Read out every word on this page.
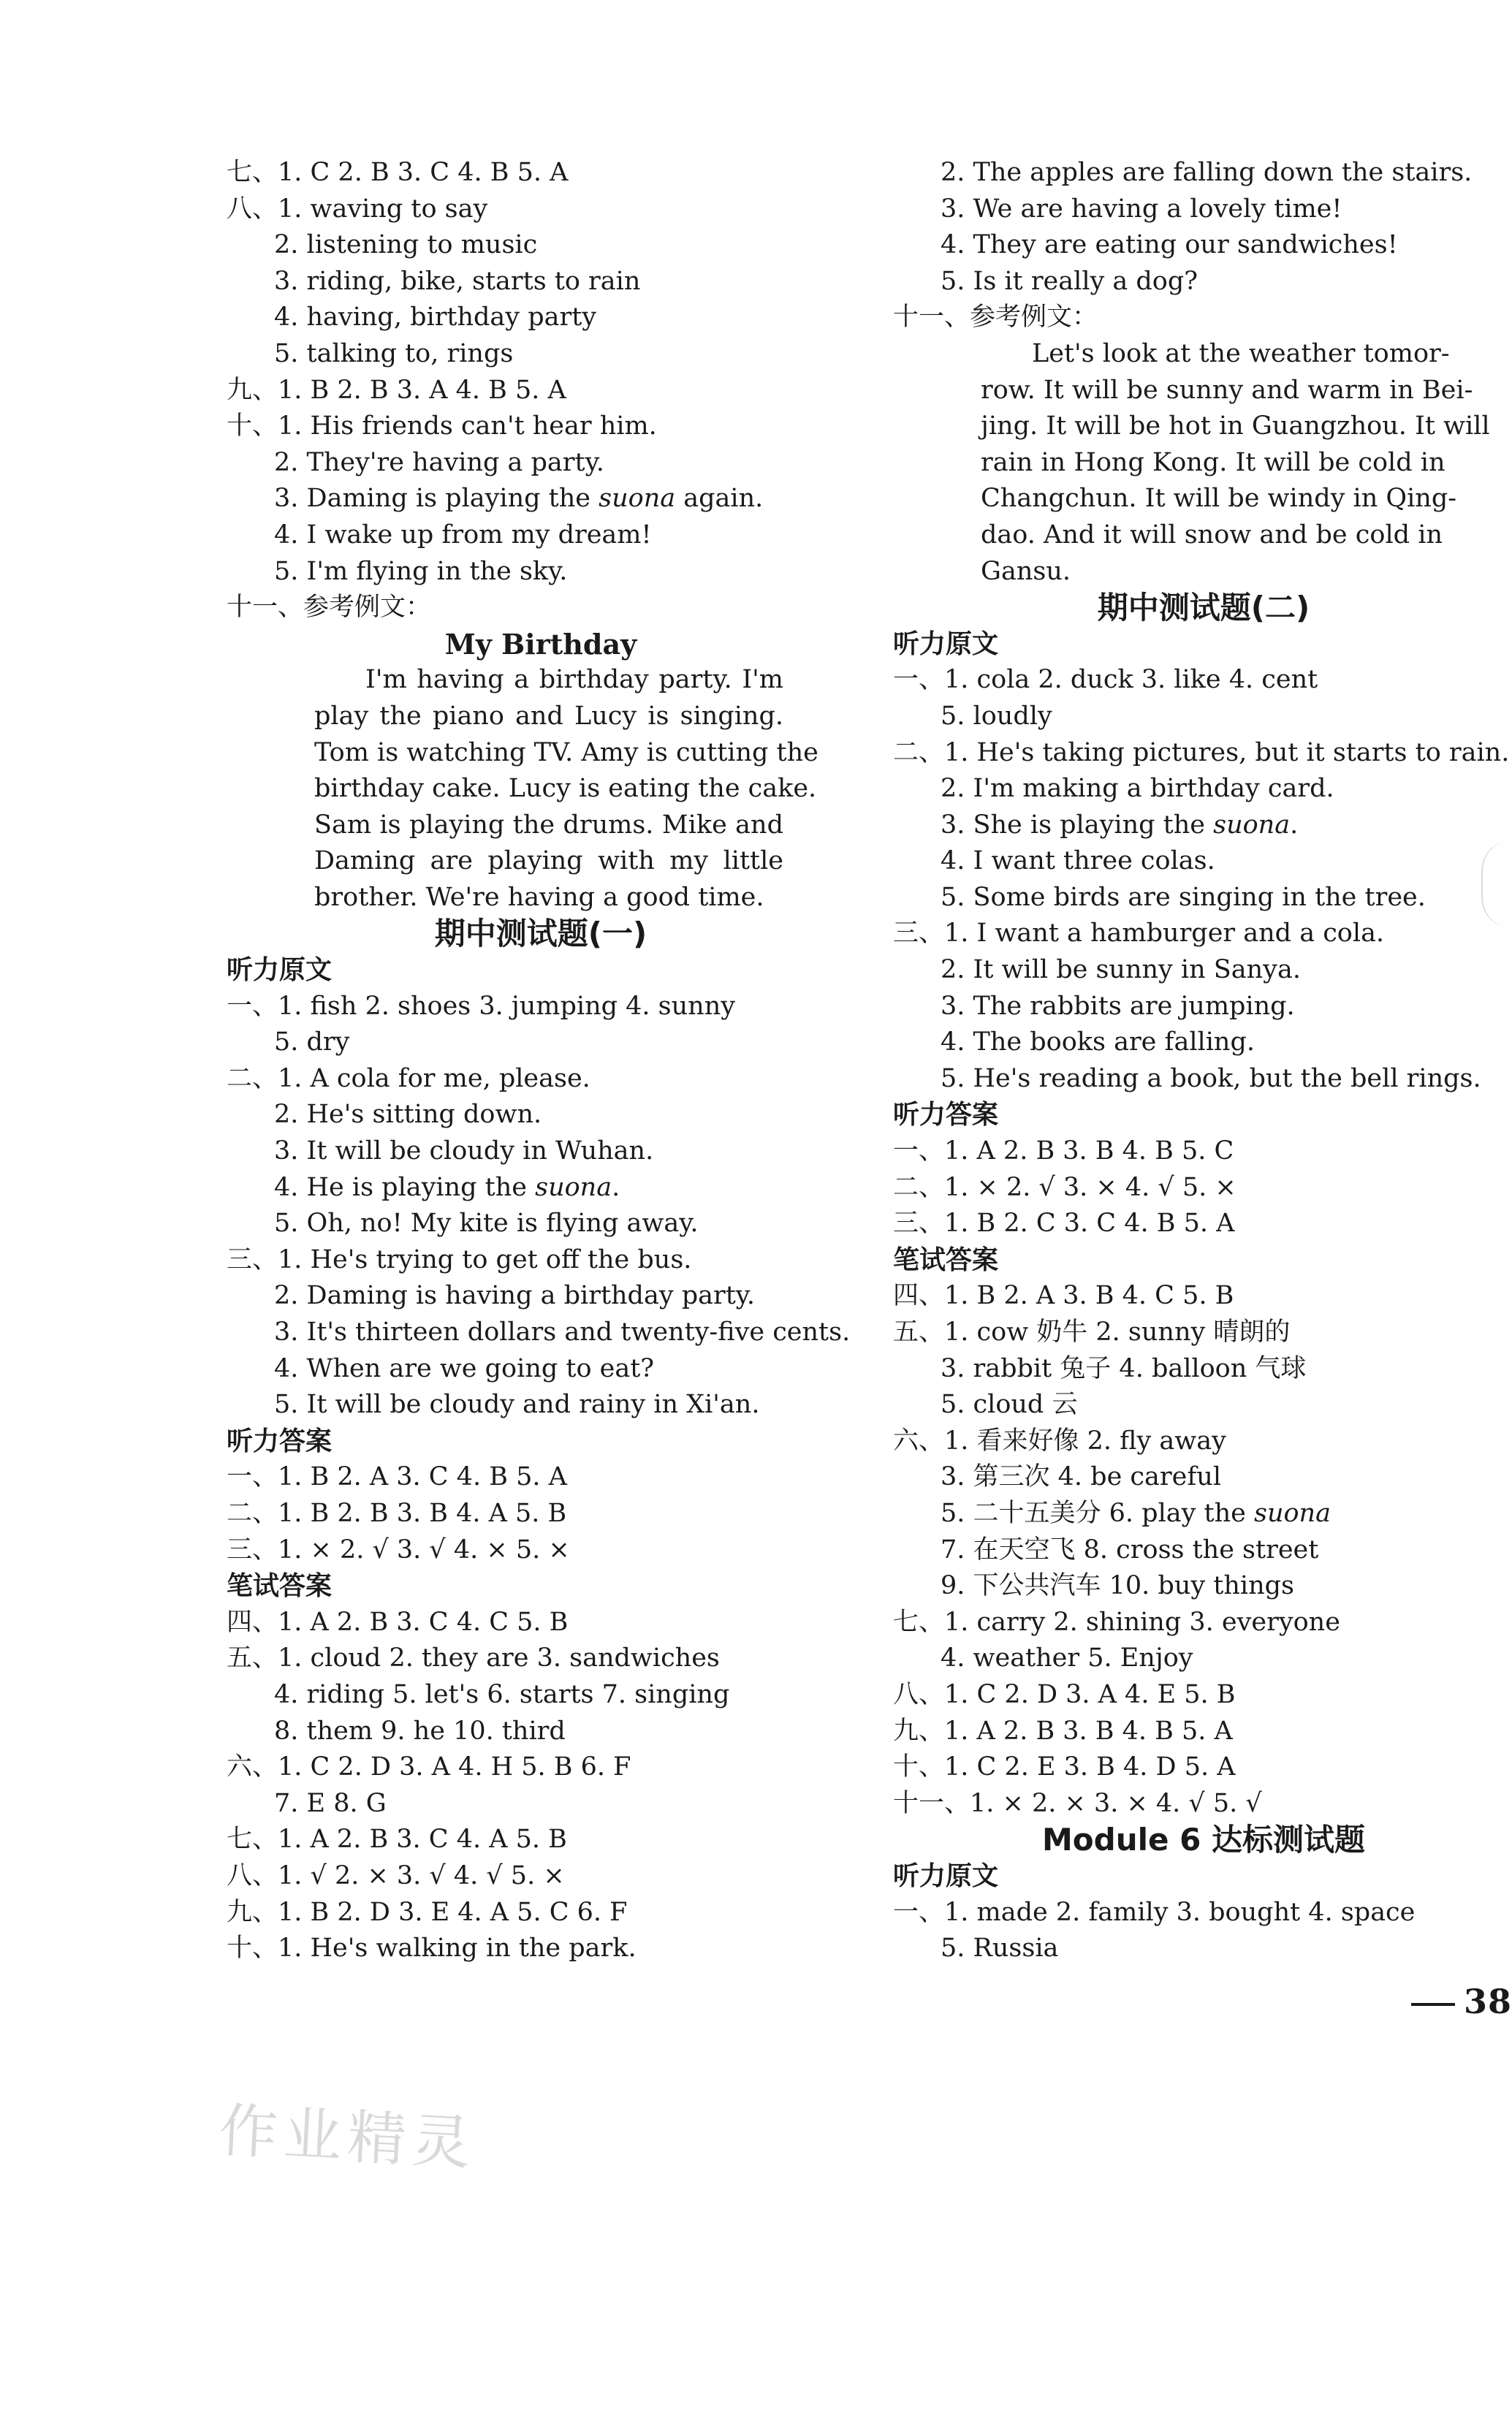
七、1. C 2. B 3. C 4. B 5. A
八、1. waving to say
2. listening to music
3. riding, bike, starts to rain
4. having, birthday party
5. talking to, rings
九、1. B 2. B 3. A 4. B 5. A
十、1. His friends can't hear him.
2. They're having a party.
3. Daming is playing the suona again.
4. I wake up from my dream!
5. I'm flying in the sky.
十一、参考例文：
My Birthday
I'm having a birthday party. I'm
play the piano and Lucy is singing.
Tom is watching TV. Amy is cutting the
birthday cake. Lucy is eating the cake.
Sam is playing the drums. Mike and
Daming are playing with my little
brother. We're having a good time.
期中测试题(一)
听力原文
一、1. fish 2. shoes 3. jumping 4. sunny
5. dry
二、1. A cola for me, please.
2. He's sitting down.
3. It will be cloudy in Wuhan.
4. He is playing the suona.
5. Oh, no! My kite is flying away.
三、1. He's trying to get off the bus.
2. Daming is having a birthday party.
3. It's thirteen dollars and twenty-five cents.
4. When are we going to eat?
5. It will be cloudy and rainy in Xi'an.
听力答案
一、1. B 2. A 3. C 4. B 5. A
二、1. B 2. B 3. B 4. A 5. B
三、1. × 2. √ 3. √ 4. × 5. ×
笔试答案
四、1. A 2. B 3. C 4. C 5. B
五、1. cloud 2. they are 3. sandwiches
4. riding 5. let's 6. starts 7. singing
8. them 9. he 10. third
六、1. C 2. D 3. A 4. H 5. B 6. F
7. E 8. G
七、1. A 2. B 3. C 4. A 5. B
八、1. √ 2. × 3. √ 4. √ 5. ×
九、1. B 2. D 3. E 4. A 5. C 6. F
十、1. He's walking in the park.
2. The apples are falling down the stairs.
3. We are having a lovely time!
4. They are eating our sandwiches!
5. Is it really a dog?
十一、参考例文：
Let's look at the weather tomor-
row. It will be sunny and warm in Bei-
jing. It will be hot in Guangzhou. It will
rain in Hong Kong. It will be cold in
Changchun. It will be windy in Qing-
dao. And it will snow and be cold in
Gansu.
期中测试题(二)
听力原文
一、1. cola 2. duck 3. like 4. cent
5. loudly
二、1. He's taking pictures, but it starts to rain.
2. I'm making a birthday card.
3. She is playing the suona.
4. I want three colas.
5. Some birds are singing in the tree.
三、1. I want a hamburger and a cola.
2. It will be sunny in Sanya.
3. The rabbits are jumping.
4. The books are falling.
5. He's reading a book, but the bell rings.
听力答案
一、1. A 2. B 3. B 4. B 5. C
二、1. × 2. √ 3. × 4. √ 5. ×
三、1. B 2. C 3. C 4. B 5. A
笔试答案
四、1. B 2. A 3. B 4. C 5. B
五、1. cow 奶牛 2. sunny 晴朗的
3. rabbit 兔子 4. balloon 气球
5. cloud 云
六、1. 看来好像 2. fly away
3. 第三次 4. be careful
5. 二十五美分 6. play the suona
7. 在天空飞 8. cross the street
9. 下公共汽车 10. buy things
七、1. carry 2. shining 3. everyone
4. weather 5. Enjoy
八、1. C 2. D 3. A 4. E 5. B
九、1. A 2. B 3. B 4. B 5. A
十、1. C 2. E 3. B 4. D 5. A
十一、1. × 2. × 3. × 4. √ 5. √
Module 6 达标测试题
听力原文
一、1. made 2. family 3. bought 4. space
5. Russia
38
作业精灵
